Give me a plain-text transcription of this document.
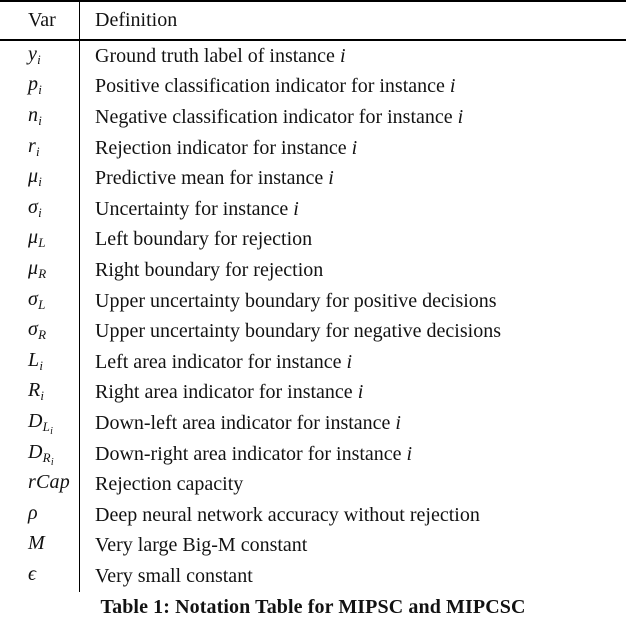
Var Definition
$y_i$	Ground truth label of instance i
$p_i$	Positive classification indicator for instance i
$n_i$	Negative classification indicator for instance i
$r_i$	Rejection indicator for instance i
$\mu_i$	Predictive mean for instance i
$\sigma_i$	Uncertainty for instance i
$\mu_L$ Left boundary for rejection
$\mu_R$ Right boundary for rejection
$\sigma_L$ Upper uncertainty boundary for positive decisions
$\sigma_R$ Upper uncertainty boundary for negative decisions
$L_i$	Left area indicator for instance i
$R_i$	Right area indicator for instance i
$D_{L_i}$ Down-left area indicator for instance i
$D_{R_i}$ Down-right area indicator for instance i
rCap Rejection capacity
ρ	Deep neural network accuracy without rejection
M	Very large Big-M constant
ϵ	Very small constant
Table 1: Notation Table for MIPSC and MIPCSC
